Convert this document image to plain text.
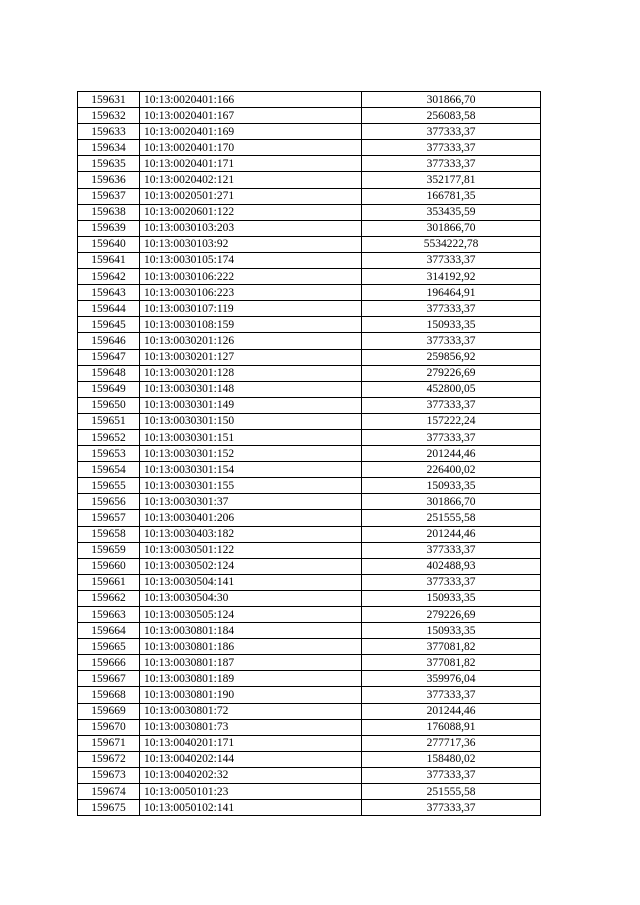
159631	10:13:0020401:166	301866,70
159632	10:13:0020401:167	256083,58
159633	10:13:0020401:169	377333,37
159634	10:13:0020401:170	377333,37
159635	10:13:0020401:171	377333,37
159636	10:13:0020402:121	352177,81
159637	10:13:0020501:271	166781,35
159638	10:13:0020601:122	353435,59
159639	10:13:0030103:203	301866,70
159640	10:13:0030103:92	5534222,78
159641	10:13:0030105:174	377333,37
159642	10:13:0030106:222	314192,92
159643	10:13:0030106:223	196464,91
159644	10:13:0030107:119	377333,37
159645	10:13:0030108:159	150933,35
159646	10:13:0030201:126	377333,37
159647	10:13:0030201:127	259856,92
159648	10:13:0030201:128	279226,69
159649	10:13:0030301:148	452800,05
159650	10:13:0030301:149	377333,37
159651	10:13:0030301:150	157222,24
159652	10:13:0030301:151	377333,37
159653	10:13:0030301:152	201244,46
159654	10:13:0030301:154	226400,02
159655	10:13:0030301:155	150933,35
159656	10:13:0030301:37	301866,70
159657	10:13:0030401:206	251555,58
159658	10:13:0030403:182	201244,46
159659	10:13:0030501:122	377333,37
159660	10:13:0030502:124	402488,93
159661	10:13:0030504:141	377333,37
159662	10:13:0030504:30	150933,35
159663	10:13:0030505:124	279226,69
159664	10:13:0030801:184	150933,35
159665	10:13:0030801:186	377081,82
159666	10:13:0030801:187	377081,82
159667	10:13:0030801:189	359976,04
159668	10:13:0030801:190	377333,37
159669	10:13:0030801:72	201244,46
159670	10:13:0030801:73	176088,91
159671	10:13:0040201:171	277717,36
159672	10:13:0040202:144	158480,02
159673	10:13:0040202:32	377333,37
159674	10:13:0050101:23	251555,58
159675	10:13:0050102:141	377333,37
